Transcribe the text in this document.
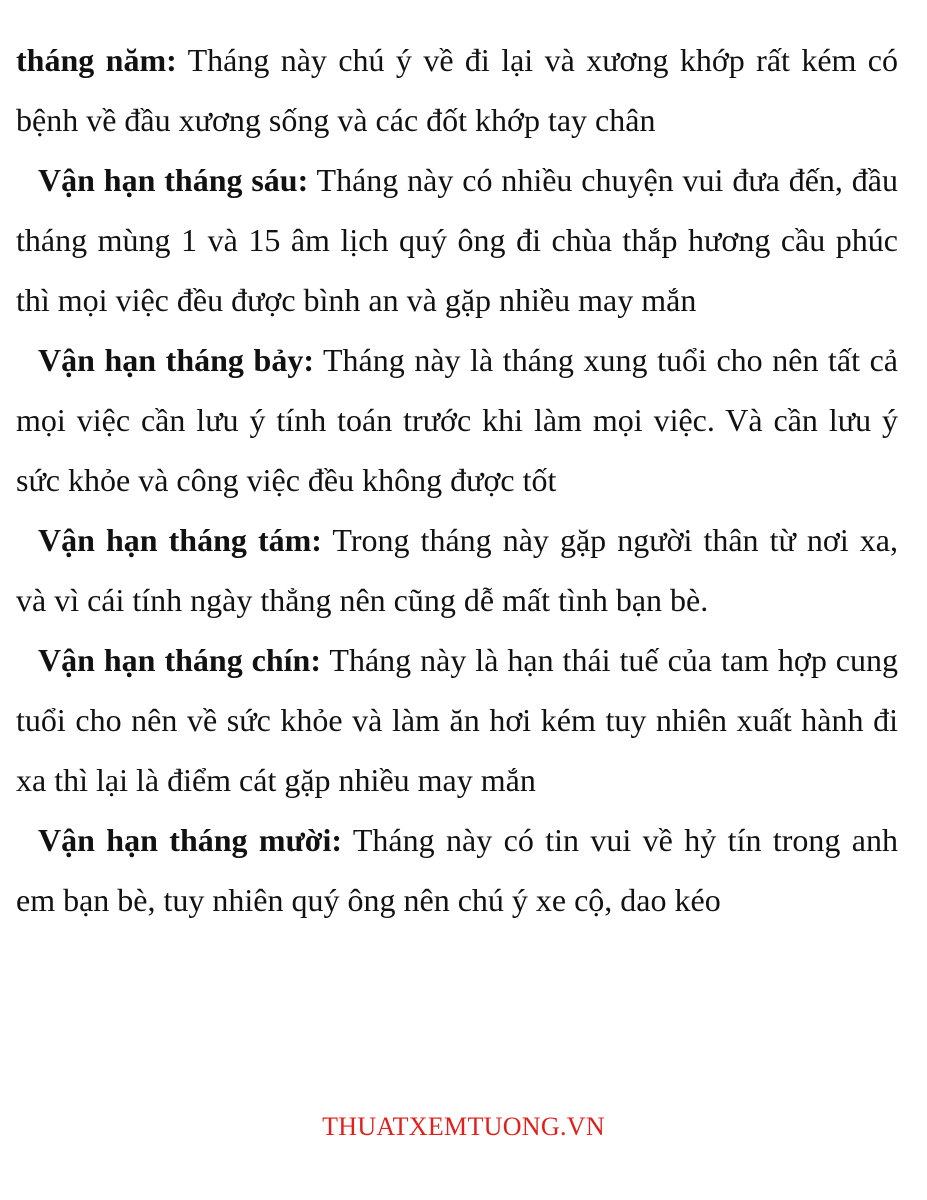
tháng năm: Tháng này chú ý về đi lại và xương khớp rất kém có bệnh về đầu xương sống và các đốt khớp tay chân

Vận hạn tháng sáu: Tháng này có nhiều chuyện vui đưa đến, đầu tháng mùng 1 và 15 âm lịch quý ông đi chùa thắp hương cầu phúc thì mọi việc đều được bình an và gặp nhiều may mắn

Vận hạn tháng bảy: Tháng này là tháng xung tuổi cho nên tất cả mọi việc cần lưu ý tính toán trước khi làm mọi việc. Và cần lưu ý sức khỏe và công việc đều không được tốt

Vận hạn tháng tám: Trong tháng này gặp người thân từ nơi xa, và vì cái tính ngày thẳng nên cũng dễ mất tình bạn bè.

Vận hạn tháng chín: Tháng này là hạn thái tuế của tam hợp cung tuổi cho nên về sức khỏe và làm ăn hơi kém tuy nhiên xuất hành đi xa thì lại là điểm cát gặp nhiều may mắn

Vận hạn tháng mười: Tháng này có tin vui về hỷ tín trong anh em bạn bè, tuy nhiên quý ông nên chú ý xe cộ, dao kéo

THUATXEMTUONG.VN
